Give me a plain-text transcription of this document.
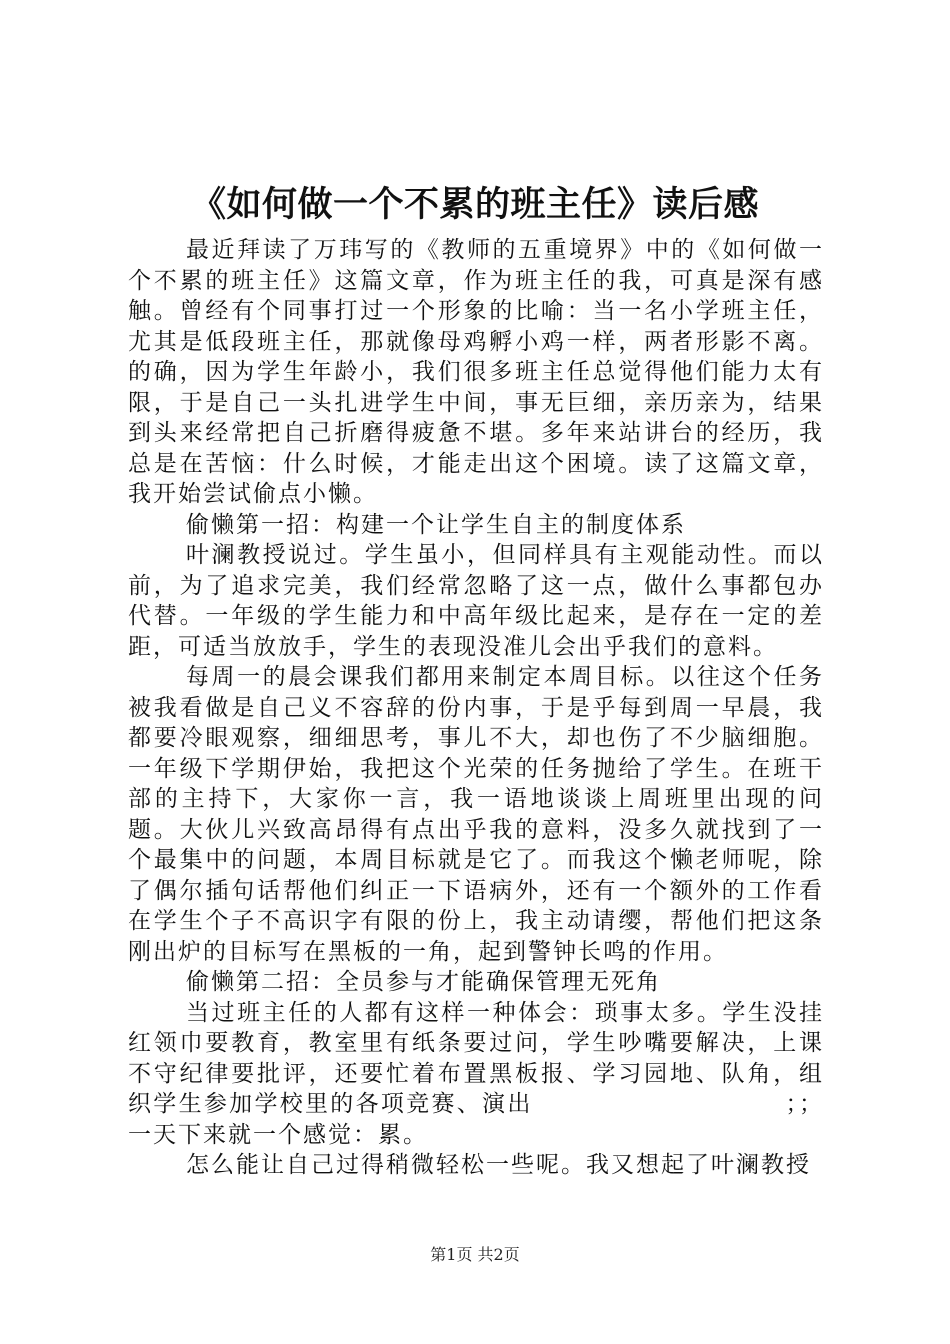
《如何做一个不累的班主任》读后感

最近拜读了万玮写的《教师的五重境界》中的《如何做一个不累的班主任》这篇文章，作为班主任的我，可真是深有感触。曾经有个同事打过一个形象的比喻：当一名小学班主任，尤其是低段班主任，那就像母鸡孵小鸡一样，两者形影不离。的确，因为学生年龄小，我们很多班主任总觉得他们能力太有限，于是自己一头扎进学生中间，事无巨细，亲历亲为，结果到头来经常把自己折磨得疲惫不堪。多年来站讲台的经历，我总是在苦恼：什么时候，才能走出这个困境。读了这篇文章，我开始尝试偷点小懒。

偷懒第一招：构建一个让学生自主的制度体系

叶澜教授说过。学生虽小，但同样具有主观能动性。而以前，为了追求完美，我们经常忽略了这一点，做什么事都包办代替。一年级的学生能力和中高年级比起来，是存在一定的差距，可适当放放手，学生的表现没准儿会出乎我们的意料。

每周一的晨会课我们都用来制定本周目标。以往这个任务被我看做是自己义不容辞的份内事，于是乎每到周一早晨，我都要冷眼观察，细细思考，事儿不大，却也伤了不少脑细胞。一年级下学期伊始，我把这个光荣的任务抛给了学生。在班干部的主持下，大家你一言，我一语地谈谈上周班里出现的问题。大伙儿兴致高昂得有点出乎我的意料，没多久就找到了一个最集中的问题，本周目标就是它了。而我这个懒老师呢，除了偶尔插句话帮他们纠正一下语病外，还有一个额外的工作看在学生个子不高识字有限的份上，我主动请缨，帮他们把这条刚出炉的目标写在黑板的一角，起到警钟长鸣的作用。

偷懒第二招：全员参与才能确保管理无死角

当过班主任的人都有这样一种体会：琐事太多。学生没挂红领巾要教育，教室里有纸条要过问，学生吵嘴要解决，上课不守纪律要批评，还要忙着布置黑板报、学习园地、队角，组织学生参加学校里的各项竞赛、演出　　　　　　　　　　；；一天下来就一个感觉：累。

怎么能让自己过得稍微轻松一些呢。我又想起了叶澜教授

第1页 共2页
